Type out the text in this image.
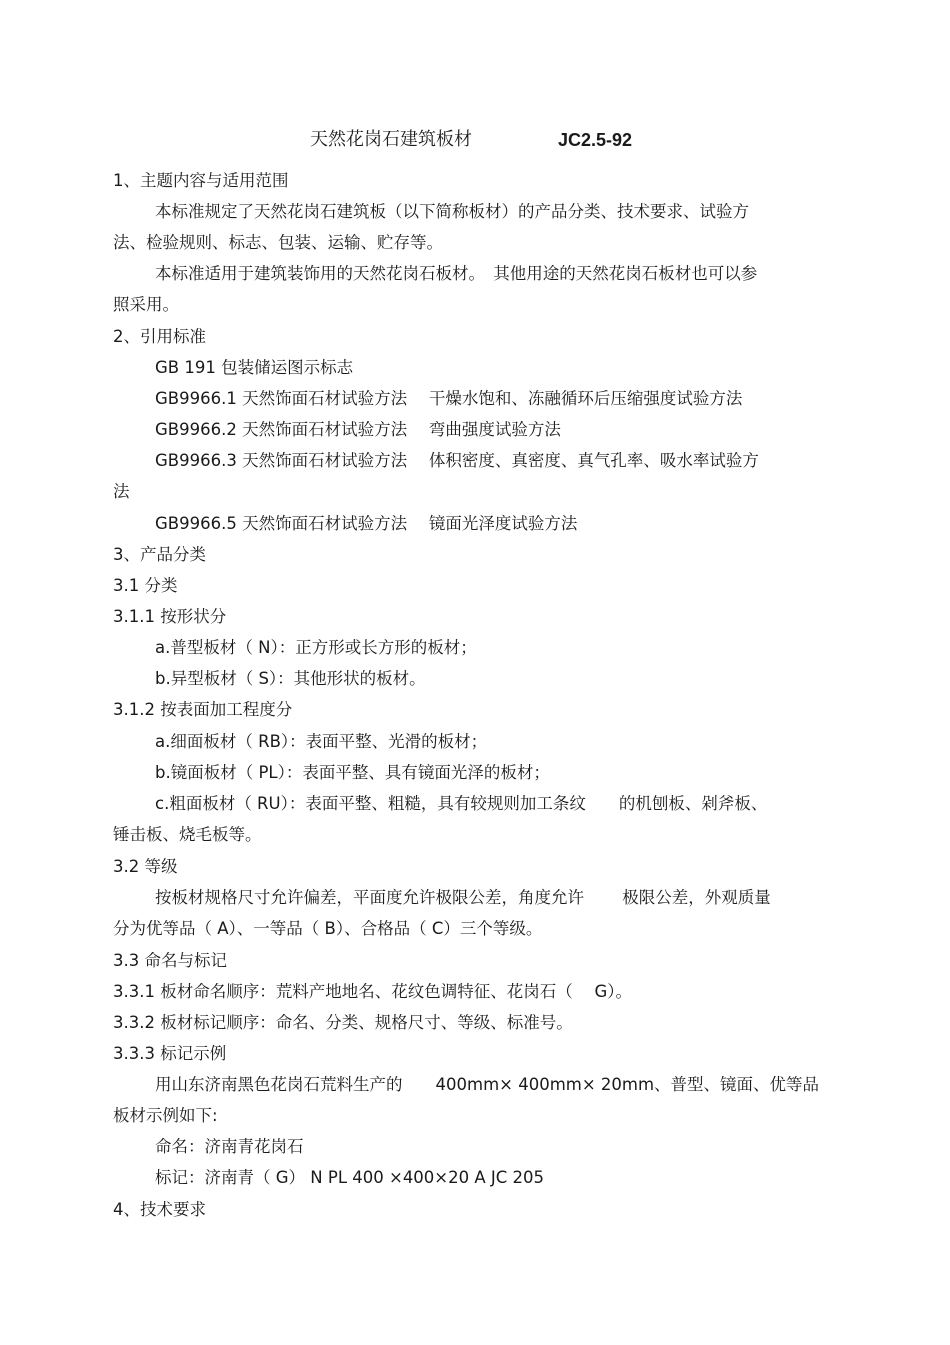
天然花岗石建筑板材	JC2.5-92
1、主题内容与适用范围
本标准规定了天然花岗石建筑板（以下简称板材）的产品分类、技术要求、试验方
法、检验规则、标志、包装、运输、贮存等。
本标准适用于建筑装饰用的天然花岗石板材。　其他用途的天然花岗石板材也可以参
照采用。
2、引用标准
GB 191 包装储运图示标志
GB9966.1 天然饰面石材试验方法　 干燥水饱和、冻融循环后压缩强度试验方法
GB9966.2 天然饰面石材试验方法　 弯曲强度试验方法
GB9966.3 天然饰面石材试验方法　 体积密度、真密度、真气孔率、吸水率试验方
法
GB9966.5 天然饰面石材试验方法　 镜面光泽度试验方法
3、产品分类
3.1 分类
3.1.1 按形状分
a.普型板材（ N）：正方形或长方形的板材；
b.异型板材（ S）：其他形状的板材。
3.1.2 按表面加工程度分
a.细面板材（ RB）：表面平整、光滑的板材；
b.镜面板材（ PL）：表面平整、具有镜面光泽的板材；
c.粗面板材（ RU）：表面平整、粗糙，具有较规则加工条纹　　的机刨板、剁斧板、
锤击板、烧毛板等。
3.2 等级
按板材规格尺寸允许偏差，平面度允许极限公差，角度允许　　 极限公差，外观质量
分为优等品（ A）、一等品（ B）、合格品（ C）三个等级。
3.3 命名与标记
3.3.1 板材命名顺序：荒料产地地名、花纹色调特征、花岗石（　 G）。
3.3.2 板材标记顺序：命名、分类、规格尺寸、等级、标准号。
3.3.3 标记示例
用山东济南黑色花岗石荒料生产的　　400mm× 400mm× 20mm、普型、镜面、优等品
板材示例如下:
命名：济南青花岗石
标记：济南青（ G） N PL 400 ×400×20 A JC 205
4、技术要求
